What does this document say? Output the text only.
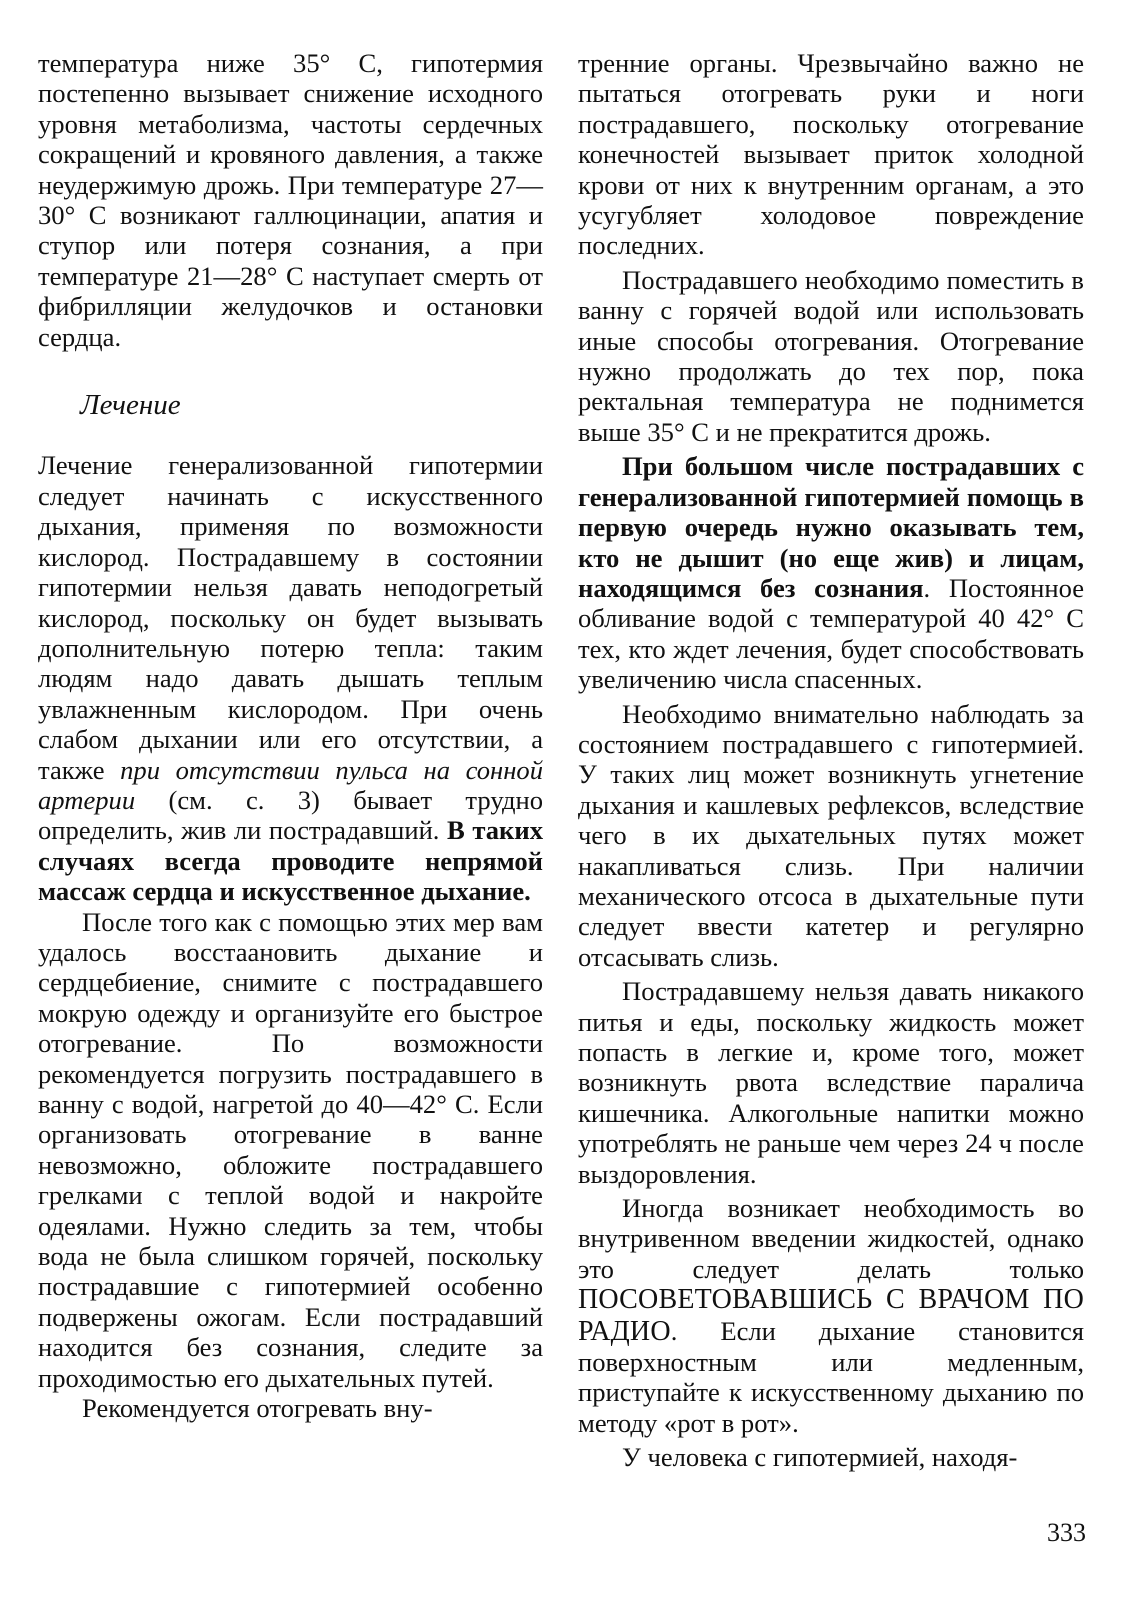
температура ниже 35° С, гипотермия постепенно вызывает снижение исходного уровня метаболизма, частоты сердечных сокращений и кровяного давления, а также неудержимую дрожь. При температуре 27—30° С возникают галлюцинации, апатия и ступор или потеря сознания, а при температуре 21—28° С наступает смерть от фибрилляции желудочков и остановки сердца.

Лечение

Лечение генерализованной гипотермии следует начинать с искусственного дыхания, применяя по возможности кислород. Пострадавшему в состоянии гипотермии нельзя давать неподогретый кислород, поскольку он будет вызывать дополнительную потерю тепла: таким людям надо давать дышать теплым увлажненным кислородом. При очень слабом дыхании или его отсутствии, а также при отсутствии пульса на сонной артерии (см. с. 3) бывает трудно определить, жив ли пострадавший. В таких случаях всегда проводите непрямой массаж сердца и искусственное дыхание.

После того как с помощью этих мер вам удалось восстаановить дыхание и сердцебиение, снимите с пострадавшего мокрую одежду и организуйте его быстрое отогревание. По возможности рекомендуется погрузить пострадавшего в ванну с водой, нагретой до 40—42° С. Если организовать отогревание в ванне невозможно, обложите пострадавшего грелками с теплой водой и накройте одеялами. Нужно следить за тем, чтобы вода не была слишком горячей, поскольку пострадавшие с гипотермией особенно подвержены ожогам. Если пострадавший находится без сознания, следите за проходимостью его дыхательных путей.

Рекомендуется отогревать вну-

тренние органы. Чрезвычайно важно не пытаться отогревать руки и ноги пострадавшего, поскольку отогревание конечностей вызывает приток холодной крови от них к внутренним органам, а это усугубляет холодовое повреждение последних.

Пострадавшего необходимо поместить в ванну с горячей водой или использовать иные способы отогревания. Отогревание нужно продолжать до тех пор, пока ректальная температура не поднимется выше 35° С и не прекратится дрожь.

При большом числе пострадавших с генерализованной гипотермией помощь в первую очередь нужно оказывать тем, кто не дышит (но еще жив) и лицам, находящимся без сознания. Постоянное обливание водой с температурой 40 42° С тех, кто ждет лечения, будет способствовать увеличению числа спасенных.

Необходимо внимательно наблюдать за состоянием пострадавшего с гипотермией. У таких лиц может возникнуть угнетение дыхания и кашлевых рефлексов, вследствие чего в их дыхательных путях может накапливаться слизь. При наличии механического отсоса в дыхательные пути следует ввести катетер и регулярно отсасывать слизь.

Пострадавшему нельзя давать никакого питья и еды, поскольку жидкость может попасть в легкие и, кроме того, может возникнуть рвота вследствие паралича кишечника. Алкогольные напитки можно употреблять не раньше чем через 24 ч после выздоровления.

Иногда возникает необходимость во внутривенном введении жидкостей, однако это следует делать только ПОСОВЕТОВАВШИСЬ С ВРАЧОМ ПО РАДИО. Если дыхание становится поверхностным или медленным, приступайте к искусственному дыханию по методу «рот в рот».

У человека с гипотермией, находя-

333
